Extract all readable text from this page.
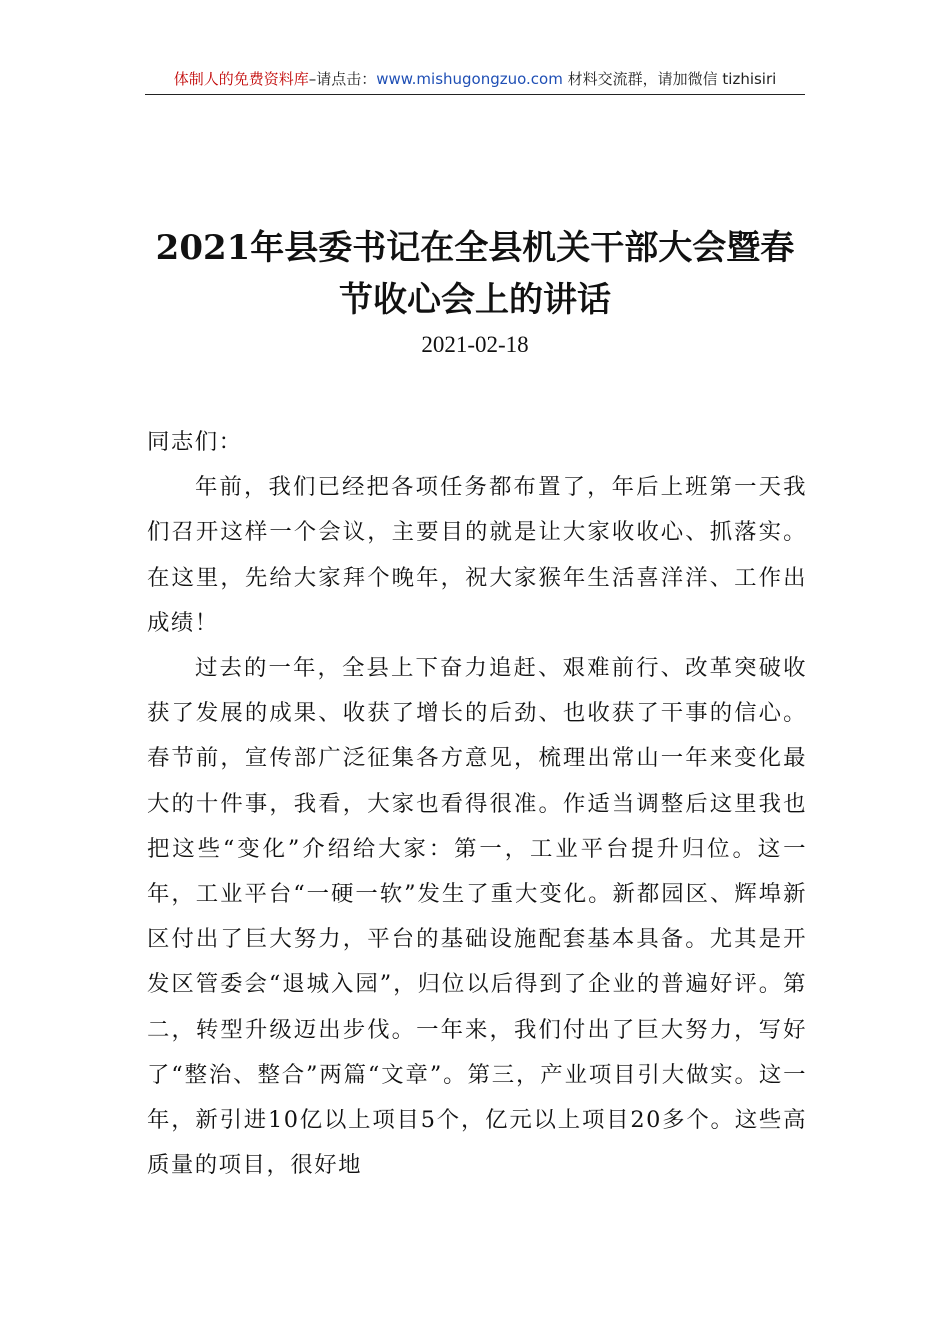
体制人的免费资料库–请点击：www.mishugongzuo.com 材料交流群，请加微信 tizhisiri
2021年县委书记在全县机关干部大会暨春
节收心会上的讲话
2021-02-18

同志们：

年前，我们已经把各项任务都布置了，年后上班第一天我们召开这样一个会议，主要目的就是让大家收收心、抓落实。在这里，先给大家拜个晚年，祝大家猴年生活喜洋洋、工作出成绩！

过去的一年，全县上下奋力追赶、艰难前行、改革突破收获了发展的成果、收获了增长的后劲、也收获了干事的信心。春节前，宣传部广泛征集各方意见，梳理出常山一年来变化最大的十件事，我看，大家也看得很准。作适当调整后这里我也把这些“变化”介绍给大家：第一，工业平台提升归位。这一年，工业平台“一硬一软”发生了重大变化。新都园区、辉埠新区付出了巨大努力，平台的基础设施配套基本具备。尤其是开发区管委会“退城入园”，归位以后得到了企业的普遍好评。第二，转型升级迈出步伐。一年来，我们付出了巨大努力，写好了“整治、整合”两篇“文章”。第三，产业项目引大做实。这一年，新引进10亿以上项目5个，亿元以上项目20多个。这些高质量的项目，很好地
